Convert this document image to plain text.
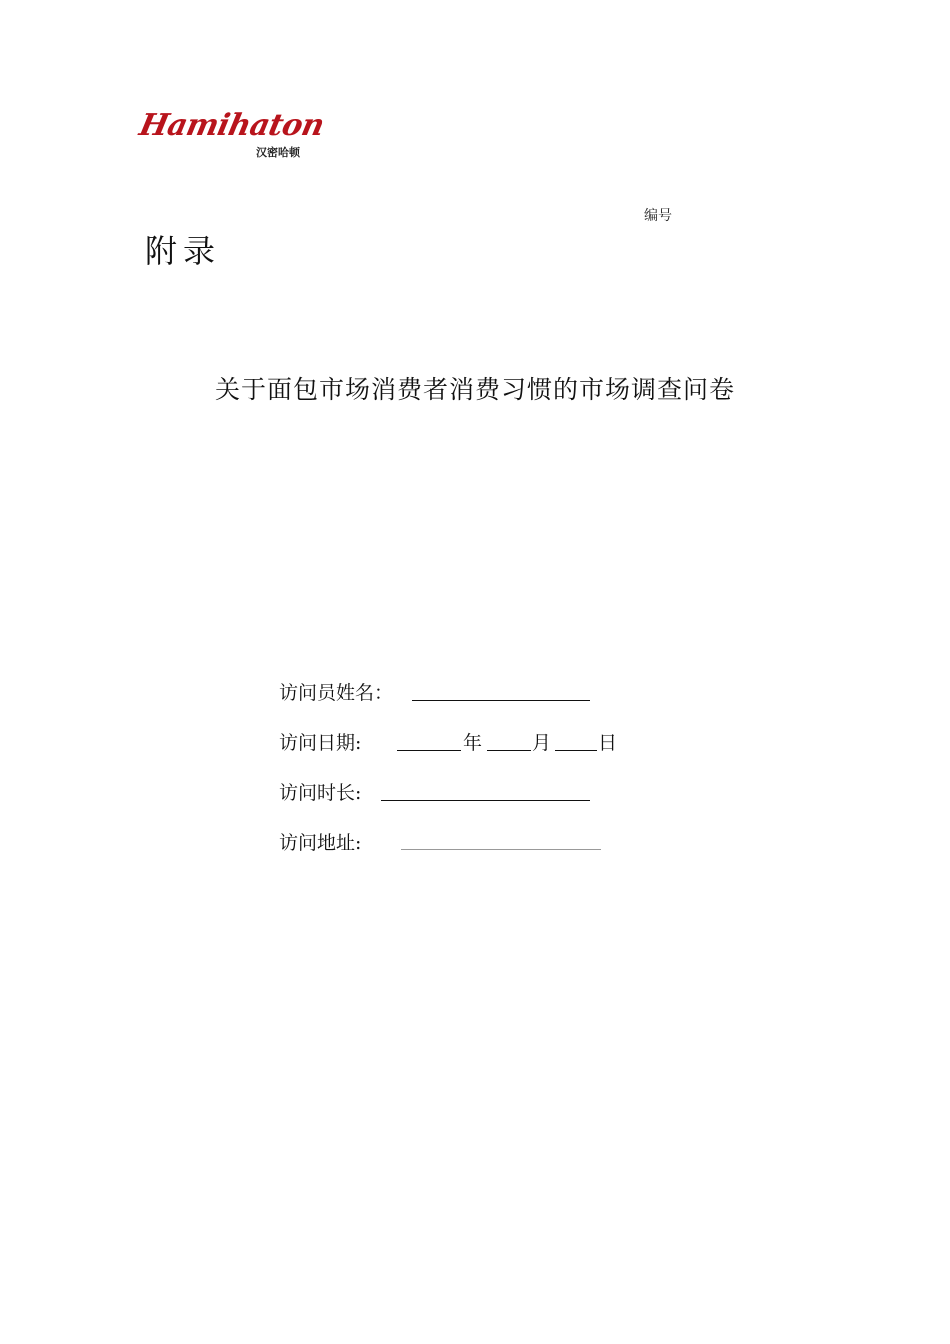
Hamihaton
汉密哈顿
编号
附录
关于面包市场消费者消费习惯的市场调查问卷
访问员姓名：
访问日期:	年	月 日
访问时长:
访问地址:
